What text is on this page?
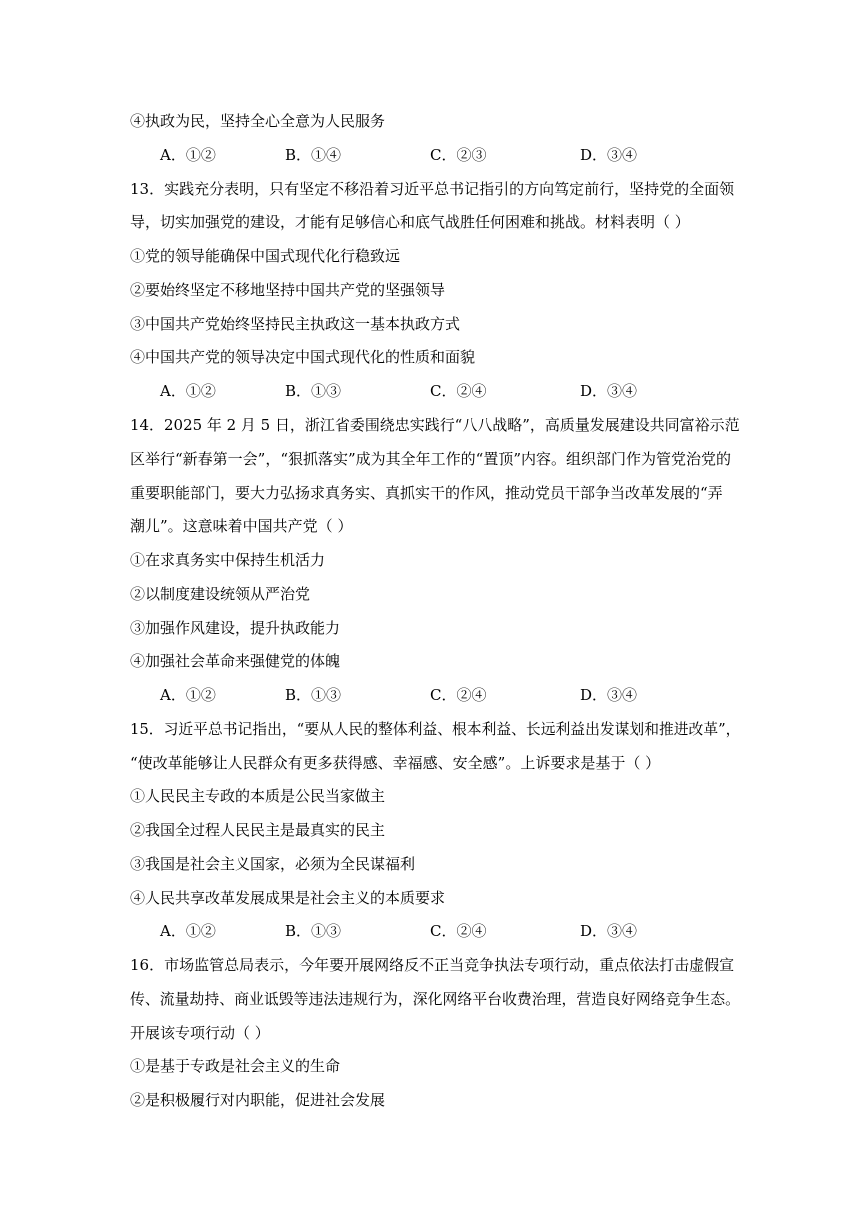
④执政为民，坚持全心全意为人民服务
A．①②	B．①④	C．②③	D．③④
13．实践充分表明，只有坚定不移沿着习近平总书记指引的方向笃定前行，坚持党的全面领
导，切实加强党的建设，才能有足够信心和底气战胜任何困难和挑战。材料表明（ ）
①党的领导能确保中国式现代化行稳致远
②要始终坚定不移地坚持中国共产党的坚强领导
③中国共产党始终坚持民主执政这一基本执政方式
④中国共产党的领导决定中国式现代化的性质和面貌
A．①②	B．①③	C．②④	D．③④
14．2025 年 2 月 5 日，浙江省委围绕忠实践行“八八战略”，高质量发展建设共同富裕示范
区举行“新春第一会”，“狠抓落实”成为其全年工作的“置顶”内容。组织部门作为管党治党的
重要职能部门，要大力弘扬求真务实、真抓实干的作风，推动党员干部争当改革发展的“弄
潮儿”。这意味着中国共产党（ ）
①在求真务实中保持生机活力
②以制度建设统领从严治党
③加强作风建设，提升执政能力
④加强社会革命来强健党的体魄
A．①②	B．①③	C．②④	D．③④
15．习近平总书记指出，“要从人民的整体利益、根本利益、长远利益出发谋划和推进改革”，
“使改革能够让人民群众有更多获得感、幸福感、安全感”。上诉要求是基于（ ）
①人民民主专政的本质是公民当家做主
②我国全过程人民民主是最真实的民主
③我国是社会主义国家，必须为全民谋福利
④人民共享改革发展成果是社会主义的本质要求
A．①②	B．①③	C．②④	D．③④
16．市场监管总局表示，今年要开展网络反不正当竞争执法专项行动，重点依法打击虚假宣
传、流量劫持、商业诋毁等违法违规行为，深化网络平台收费治理，营造良好网络竞争生态。
开展该专项行动（ ）
①是基于专政是社会主义的生命
②是积极履行对内职能，促进社会发展
